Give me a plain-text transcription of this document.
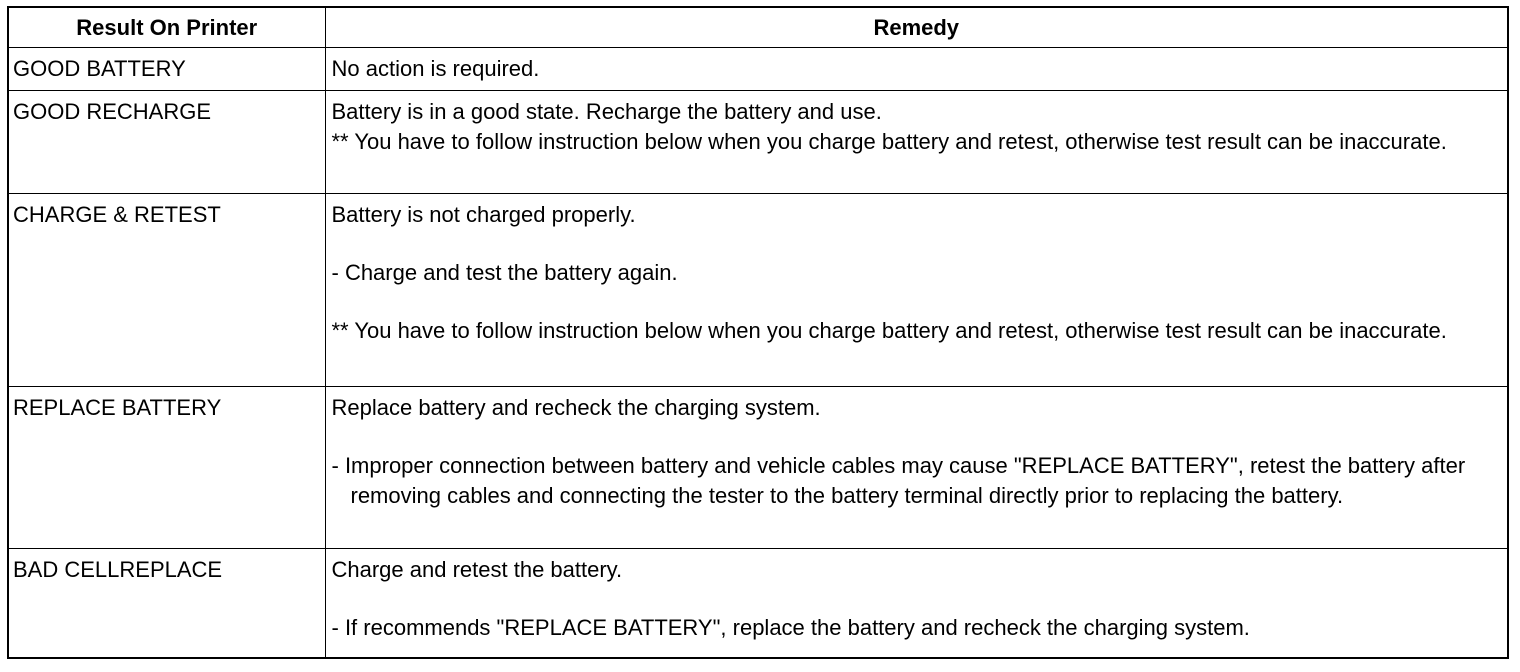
Result On Printer	Remedy
GOOD BATTERY	No action is required.

GOOD RECHARGE	Battery is in a good state. Recharge the battery and use.
** You have to follow instruction below when you charge battery and retest, otherwise test result can be inaccurate.

CHARGE & RETEST	Battery is not charged properly.
- Charge and test the battery again.
** You have to follow instruction below when you charge battery and retest, otherwise test result can be inaccurate.

REPLACE BATTERY	Replace battery and recheck the charging system.
- Improper connection between battery and vehicle cables may cause "REPLACE BATTERY", retest the battery after removing cables and connecting the tester to the battery terminal directly prior to replacing the battery.

BAD CELLREPLACE	Charge and retest the battery.
- If recommends "REPLACE BATTERY", replace the battery and recheck the charging system.
